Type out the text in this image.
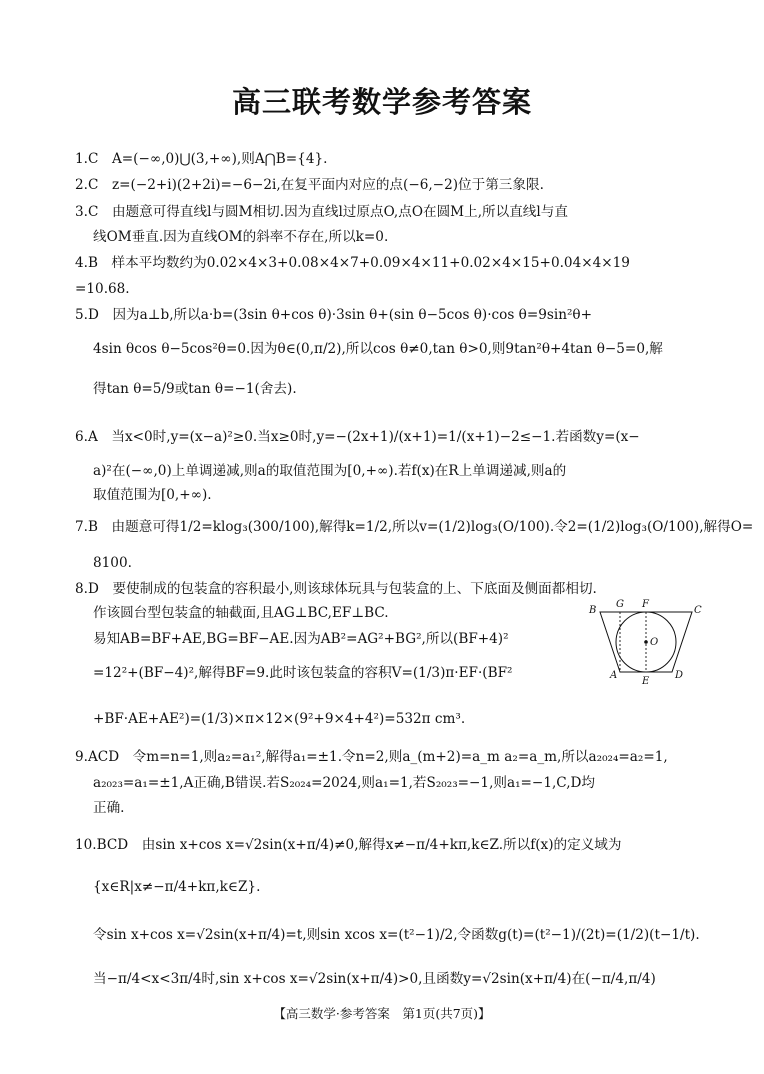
高三联考数学参考答案
1.C　A=(−∞,0)⋃(3,+∞),则A⋂B={4}.
2.C　z=(−2+i)(2+2i)=−6−2i,在复平面内对应的点(−6,−2)位于第三象限.
3.C　由题意可得直线l与圆M相切.因为直线l过原点O,点O在圆M上,所以直线l与直
线OM垂直.因为直线OM的斜率不存在,所以k=0.
4.B　样本平均数约为0.02×4×3+0.08×4×7+0.09×4×11+0.02×4×15+0.04×4×19
=10.68.
5.D　因为a⊥b,所以a·b=(3sin θ+cos θ)·3sin θ+(sin θ−5cos θ)·cos θ=9sin²θ+
4sin θcos θ−5cos²θ=0.因为θ∈(0,π/2),所以cos θ≠0,tan θ>0,则9tan²θ+4tan θ−5=0,解
得tan θ=5/9或tan θ=−1(舍去).
6.A　当x<0时,y=(x−a)²≥0.当x≥0时,y=−(2x+1)/(x+1)=1/(x+1)−2≤−1.若函数y=(x−
a)²在(−∞,0)上单调递减,则a的取值范围为[0,+∞).若f(x)在R上单调递减,则a的
取值范围为[0,+∞).
7.B　由题意可得1/2=klog₃(300/100),解得k=1/2,所以v=(1/2)log₃(O/100).令2=(1/2)log₃(O/100),解得O=
8100.
8.D　要使制成的包装盒的容积最小,则该球体玩具与包装盒的上、下底面及侧面都相切.
作该圆台型包装盒的轴截面,且AG⊥BC,EF⊥BC.
易知AB=BF+AE,BG=BF−AE.因为AB²=AG²+BG²,所以(BF+4)²
=12²+(BF−4)²,解得BF=9.此时该包装盒的容积V=(1/3)π·EF·(BF²
+BF·AE+AE²)=(1/3)×π×12×(9²+9×4+4²)=532π cm³.
9.ACD　令m=n=1,则a₂=a₁²,解得a₁=±1.令n=2,则a_(m+2)=a_m a₂=a_m,所以a₂₀₂₄=a₂=1,
a₂₀₂₃=a₁=±1,A正确,B错误.若S₂₀₂₄=2024,则a₁=1,若S₂₀₂₃=−1,则a₁=−1,C,D均
正确.
10.BCD　由sin x+cos x=√2sin(x+π/4)≠0,解得x≠−π/4+kπ,k∈Z.所以f(x)的定义域为
{x∈R|x≠−π/4+kπ,k∈Z}.
令sin x+cos x=√2sin(x+π/4)=t,则sin xcos x=(t²−1)/2,令函数g(t)=(t²−1)/(2t)=(1/2)(t−1/t).
当−π/4<x<3π/4时,sin x+cos x=√2sin(x+π/4)>0,且函数y=√2sin(x+π/4)在(−π/4,π/4)
B
G F
C
O
A
E
D
【高三数学·参考答案　第1页(共7页)】
